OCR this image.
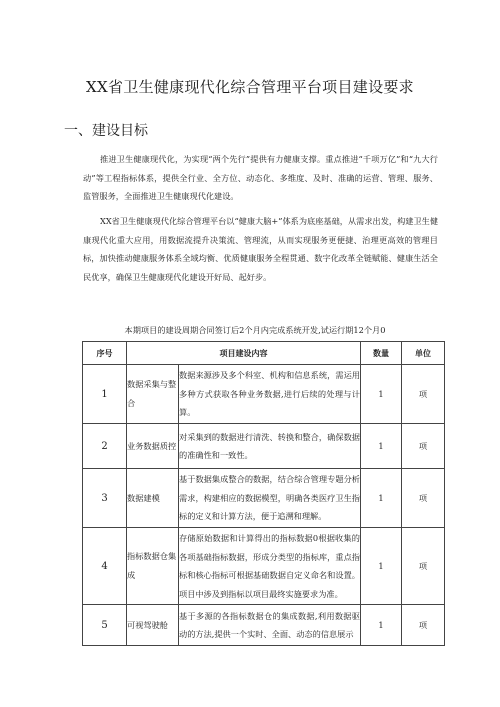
XX省卫生健康现代化综合管理平台项目建设要求
一、建设目标
推进卫生健康现代化，为实现“两个先行”提供有力健康支撑。重点推进“千项万亿”和“九大行动”等工程指标体系，提供全行业、全方位、动态化、多维度、及时、准确的运营、管理、服务、监管服务，全面推进卫生健康现代化建设。
XX省卫生健康现代化综合管理平台以“健康大脑+”体系为底座基础，从需求出发，构建卫生健康现代化重大应用，用数据流提升决策流、管理流，从而实现服务更便捷、治理更高效的管理目标，加快推动健康服务体系全域均衡、优质健康服务全程贯通、数字化改革全链赋能、健康生活全民优享，确保卫生健康现代化建设开好局、起好步。
本期项目的建设周期合同签订后2个月内完成系统开发,试运行期12个月0
序号	项目建设内容		数量	单位
1	数据采集与整合	数据来源涉及多个科室、机构和信息系统，需运用多种方式获取各种业务数据,进行后续的处理与计算。	1	项
2	业务数据质控	对采集到的数据进行清洗、转换和整合，确保数据的准确性和一致性。	1	项
3	数据建模	基于数据集成整合的数据，结合综合管理专题分析需求，构建相应的数据模型，明确各类医疗卫生指标的定义和计算方法，便于追溯和理解。	1	项
4	指标数据仓集成	存储原始数据和计算得出的指标数据0根据收集的各项基础指标数据，形成分类型的指标库，重点指标和核心指标可根据基础数据自定义命名和设置。项目中涉及到指标以项目最终实施要求为准。	1	项
5	可视驾驶舱	基于多源的各指标数据仓的集成数据,利用数据驱动的方法,提供一个实时、全面、动态的信息展示	1	项
